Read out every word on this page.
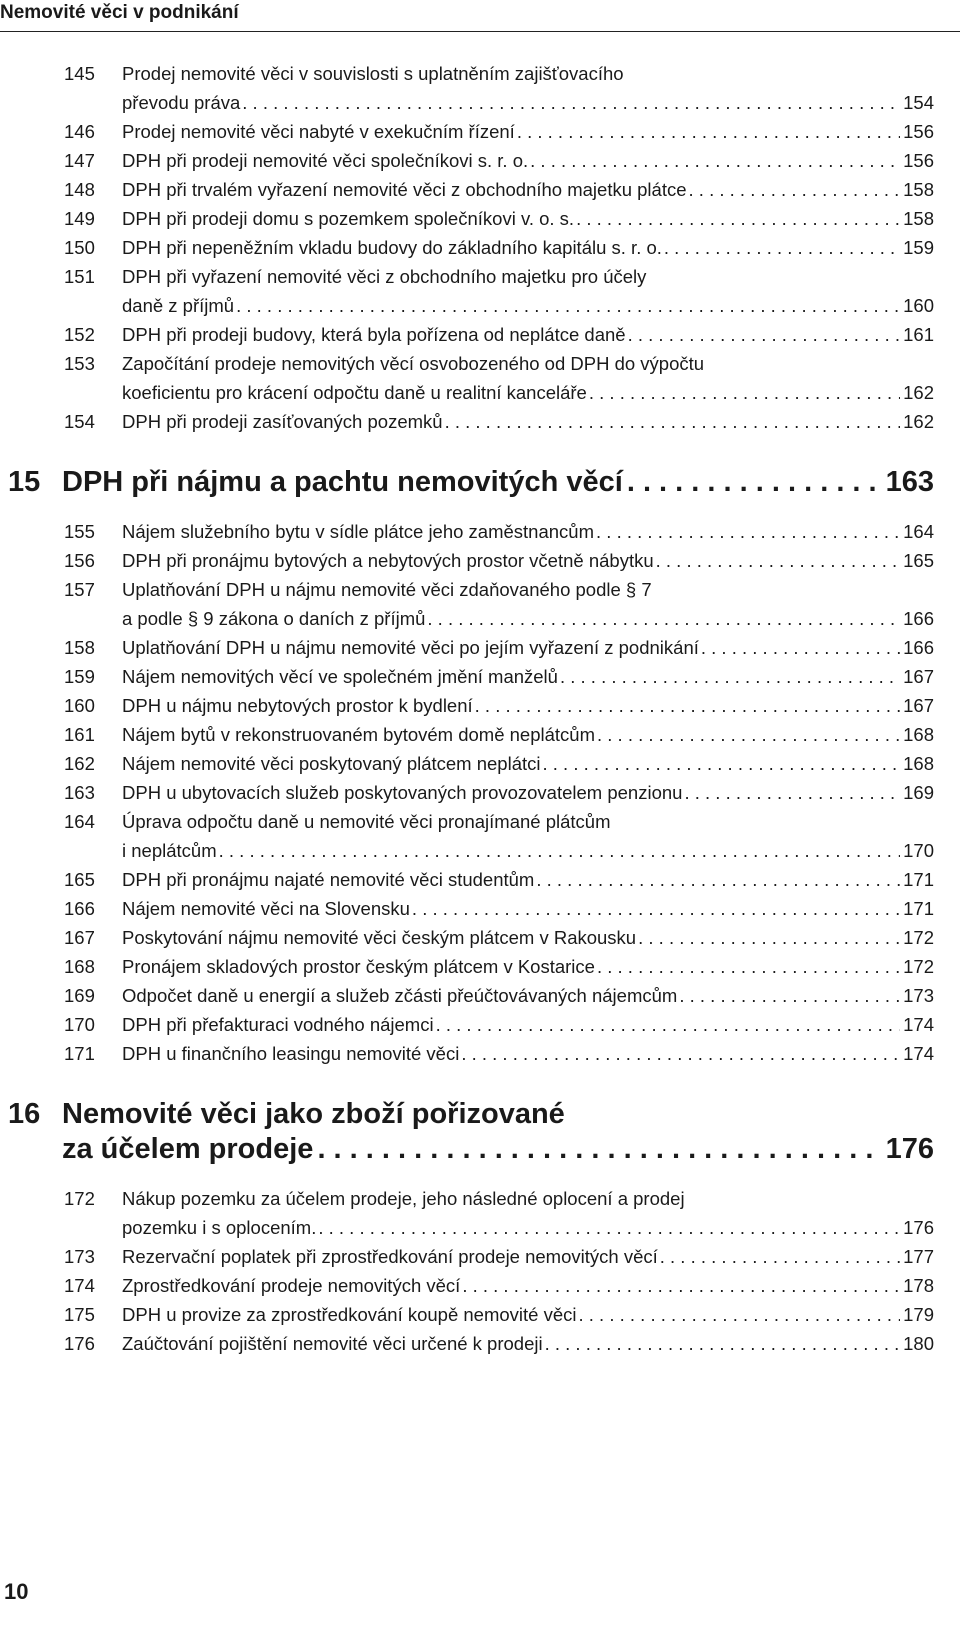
Nemovité věci v podnikání
145	Prodej nemovité věci v souvislosti s uplatněním zajišťovacího
převodu práva . . .	154
146	Prodej nemovité věci nabyté v exekučním řízení . . .	156
147	DPH při prodeji nemovité věci společníkovi s. r. o. . . .	156
148	DPH při trvalém vyřazení nemovité věci z obchodního majetku plátce . . .	158
149	DPH při prodeji domu s pozemkem společníkovi v. o. s. . . .	158
150	DPH při nepeněžním vkladu budovy do základního kapitálu s. r. o. . . .	159
151	DPH při vyřazení nemovité věci z obchodního majetku pro účely
daně z příjmů . . .	160
152	DPH při prodeji budovy, která byla pořízena od neplátce daně . . .	161
153	Započítání prodeje nemovitých věcí osvobozeného od DPH do výpočtu
koeficientu pro krácení odpočtu daně u realitní kanceláře . . .	162
154	DPH při prodeji zasíťovaných pozemků . . .	162
15 DPH při nájmu a pachtu nemovitých věcí . . .	163
155	Nájem služebního bytu v sídle plátce jeho zaměstnancům . . .	164
156	DPH při pronájmu bytových a nebytových prostor včetně nábytku . . .	165
157	Uplatňování DPH u nájmu nemovité věci zdaňovaného podle § 7
a podle § 9 zákona o daních z příjmů . . .	166
158	Uplatňování DPH u nájmu nemovité věci po jejím vyřazení z podnikání . . .	166
159	Nájem nemovitých věcí ve společném jmění manželů . . .	167
160	DPH u nájmu nebytových prostor k bydlení . . .	167
161	Nájem bytů v rekonstruovaném bytovém domě neplátcům . . .	168
162	Nájem nemovité věci poskytovaný plátcem neplátci . . .	168
163	DPH u ubytovacích služeb poskytovaných provozovatelem penzionu . . .	169
164	Úprava odpočtu daně u nemovité věci pronajímané plátcům
i neplátcům . . .	170
165	DPH při pronájmu najaté nemovité věci studentům . . .	171
166	Nájem nemovité věci na Slovensku . . .	171
167	Poskytování nájmu nemovité věci českým plátcem v Rakousku . . .	172
168	Pronájem skladových prostor českým plátcem v Kostarice . . .	172
169	Odpočet daně u energií a služeb zčásti přeúčtovávaných nájemcům . . .	173
170	DPH při přefakturaci vodného nájemci . . .	174
171	DPH u finančního leasingu nemovité věci . . .	174
16 Nemovité věci jako zboží pořizované
za účelem prodeje . . .	176
172	Nákup pozemku za účelem prodeje, jeho následné oplocení a prodej
pozemku i s oplocením. . . .	176
173	Rezervační poplatek při zprostředkování prodeje nemovitých věcí . . .	177
174	Zprostředkování prodeje nemovitých věcí . . .	178
175	DPH u provize za zprostředkování koupě nemovité věci . . .	179
176	Zaúčtování pojištění nemovité věci určené k prodeji . . .	180
10
